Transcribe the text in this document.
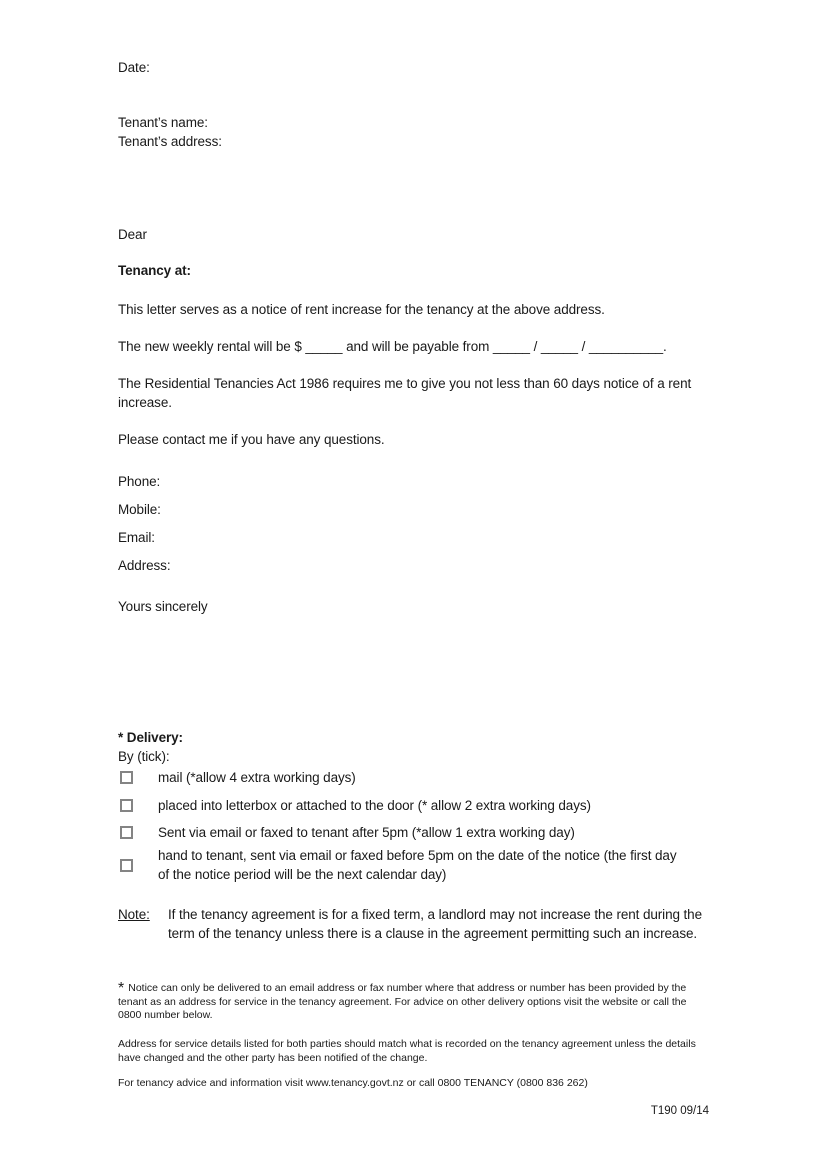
Date:
Tenant’s name:
Tenant’s address:
Dear
Tenancy at:
This letter serves as a notice of rent increase for the tenancy at the above address.
The new weekly rental will be $ _____ and will be payable from _____ / _____ / __________.
The Residential Tenancies Act 1986 requires me to give you not less than 60 days notice of a rent increase.
Please contact me if you have any questions.
Phone:
Mobile:
Email:
Address:
Yours sincerely
* Delivery:
By (tick):
mail (*allow 4 extra working days)
placed into letterbox or attached to the door (* allow 2 extra working days)
Sent via email or faxed to tenant after 5pm (*allow 1 extra working day)
hand to tenant, sent via email or faxed before 5pm on the date of the notice (the first day of the notice period will be the next calendar day)
Note:	If the tenancy agreement is for a fixed term, a landlord may not increase the rent during the term of the tenancy unless there is a clause in the agreement permitting such an increase.
* Notice can only be delivered to an email address or fax number where that address or number has been provided by the tenant as an address for service in the tenancy agreement. For advice on other delivery options visit the website or call the 0800 number below.
Address for service details listed for both parties should match what is recorded on the tenancy agreement unless the details have changed and the other party has been notified of the change.
For tenancy advice and information visit www.tenancy.govt.nz or call 0800 TENANCY (0800 836 262)
T190 09/14
